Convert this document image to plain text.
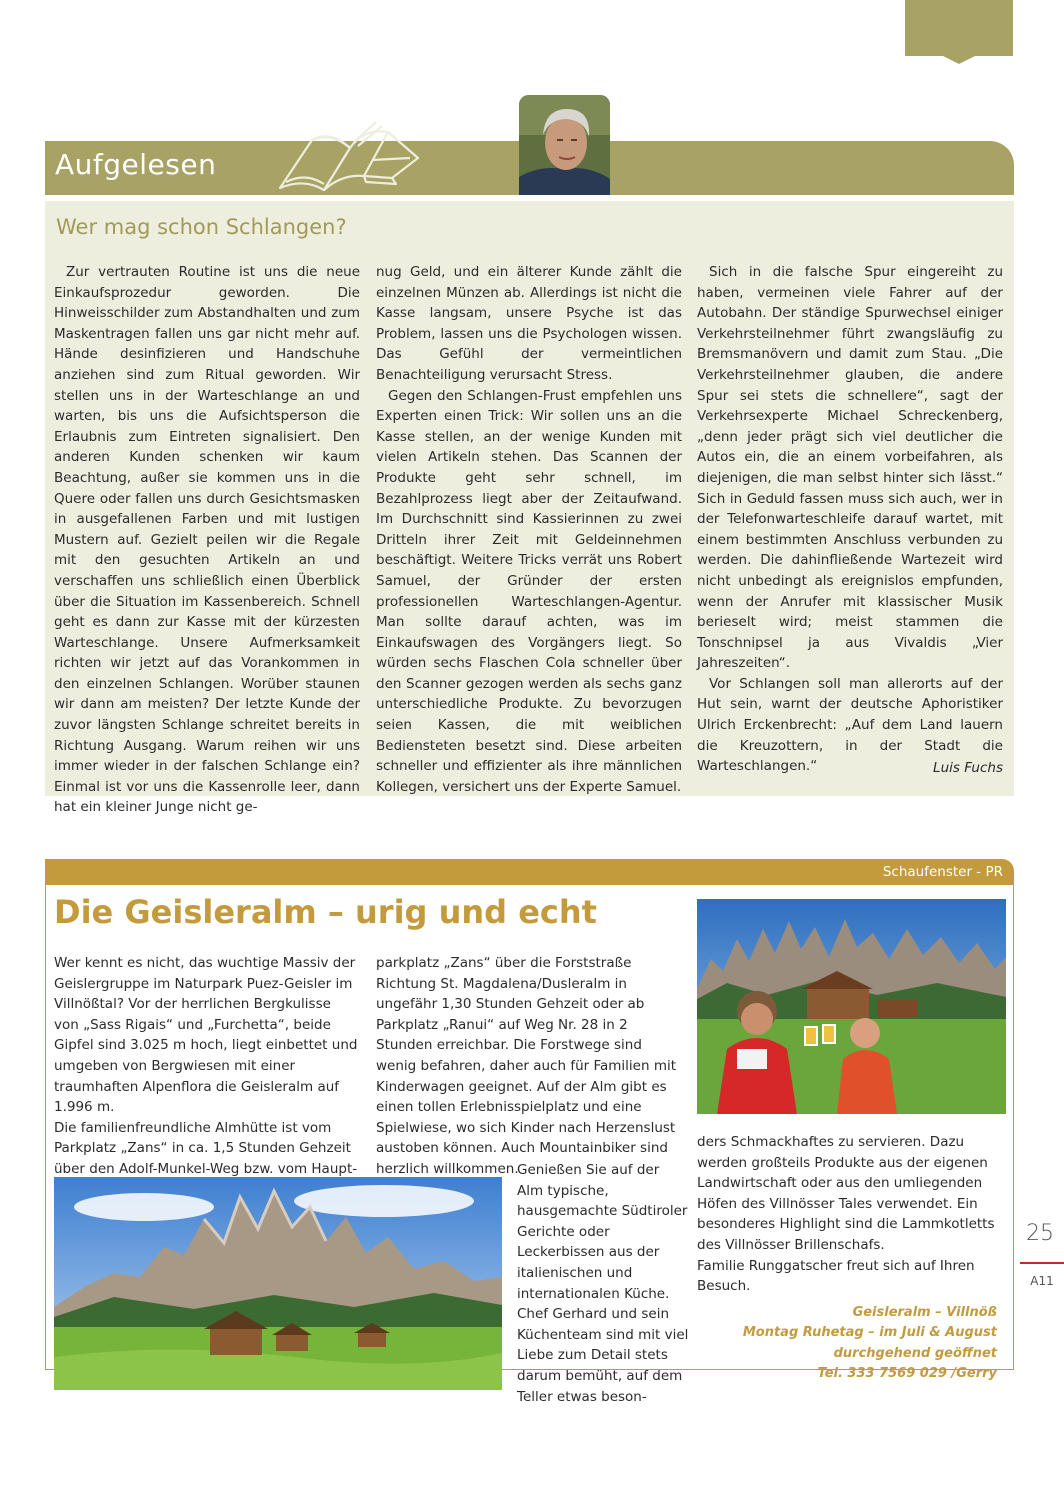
Aufgelesen
Wer mag schon Schlangen?

Zur vertrauten Routine ist uns die neue Einkaufsprozedur geworden. Die Hinweisschilder zum Abstandhalten und zum Maskentragen fallen uns gar nicht mehr auf. Hände desinfizieren und Handschuhe anziehen sind zum Ritual geworden. Wir stellen uns in der Warteschlange an und warten, bis uns die Aufsichtsperson die Erlaubnis zum Eintreten signalisiert. Den anderen Kunden schenken wir kaum Beachtung, außer sie kommen uns in die Quere oder fallen uns durch Gesichtsmasken in ausgefallenen Farben und mit lustigen Mustern auf. Gezielt peilen wir die Regale mit den gesuchten Artikeln an und verschaffen uns schließlich einen Überblick über die Situation im Kassenbereich. Schnell geht es dann zur Kasse mit der kürzesten Warteschlange. Unsere Aufmerksamkeit richten wir jetzt auf das Vorankommen in den einzelnen Schlangen. Worüber staunen wir dann am meisten? Der letzte Kunde der zuvor längsten Schlange schreitet bereits in Richtung Ausgang. Warum reihen wir uns immer wieder in der falschen Schlange ein? Einmal ist vor uns die Kassenrolle leer, dann hat ein kleiner Junge nicht ge-

nug Geld, und ein älterer Kunde zählt die einzelnen Münzen ab. Allerdings ist nicht die Kasse langsam, unsere Psyche ist das Problem, lassen uns die Psychologen wissen. Das Gefühl der vermeintlichen Benachteiligung verursacht Stress.

Gegen den Schlangen-Frust empfehlen uns Experten einen Trick: Wir sollen uns an die Kasse stellen, an der wenige Kunden mit vielen Artikeln stehen. Das Scannen der Produkte geht sehr schnell, im Bezahlprozess liegt aber der Zeitaufwand. Im Durchschnitt sind Kassierinnen zu zwei Dritteln ihrer Zeit mit Geldeinnehmen beschäftigt. Weitere Tricks verrät uns Robert Samuel, der Gründer der ersten professionellen Warteschlangen-Agentur. Man sollte darauf achten, was im Einkaufswagen des Vorgängers liegt. So würden sechs Flaschen Cola schneller über den Scanner gezogen werden als sechs ganz unterschiedliche Produkte. Zu bevorzugen seien Kassen, die mit weiblichen Bediensteten besetzt sind. Diese arbeiten schneller und effizienter als ihre männlichen Kollegen, versichert uns der Experte Samuel.

Sich in die falsche Spur eingereiht zu haben, vermeinen viele Fahrer auf der Autobahn. Der ständige Spurwechsel einiger Verkehrsteilnehmer führt zwangsläufig zu Bremsmanövern und damit zum Stau. „Die Verkehrsteilnehmer glauben, die andere Spur sei stets die schnellere“, sagt der Verkehrsexperte Michael Schreckenberg, „denn jeder prägt sich viel deutlicher die Autos ein, die an einem vorbeifahren, als diejenigen, die man selbst hinter sich lässt.“ Sich in Geduld fassen muss sich auch, wer in der Telefonwarteschleife darauf wartet, mit einem bestimmten Anschluss verbunden zu werden. Die dahinfließende Wartezeit wird nicht unbedingt als ereignislos empfunden, wenn der Anrufer mit klassischer Musik berieselt wird; meist stammen die Tonschnipsel ja aus Vivaldis „Vier Jahreszeiten“.

Vor Schlangen soll man allerorts auf der Hut sein, warnt der deutsche Aphoristiker Ulrich Erckenbrecht: „Auf dem Land lauern die Kreuzottern, in der Stadt die Warteschlangen.“	Luis Fuchs
Schaufenster - PR
Die Geisleralm – urig und echt

Wer kennt es nicht, das wuchtige Massiv der Geislergruppe im Naturpark Puez-Geisler im Villnößtal? Vor der herrlichen Bergkulisse von „Sass Rigais“ und „Furchetta“, beide Gipfel sind 3.025 m hoch, liegt einbettet und umgeben von Bergwiesen mit einer traumhaften Alpenflora die Geisleralm auf 1.996 m.

Die familienfreundliche Almhütte ist vom Parkplatz „Zans“ in ca. 1,5 Stunden Gehzeit über den Adolf-Munkel-Weg bzw. vom Haupt-

parkplatz „Zans“ über die Forststraße Richtung St. Magdalena/Dusleralm in ungefähr 1,30 Stunden Gehzeit oder ab Parkplatz „Ranui“ auf Weg Nr. 28 in 2 Stunden erreichbar. Die Forstwege sind wenig befahren, daher auch für Familien mit Kinderwagen geeignet. Auf der Alm gibt es einen tollen Erlebnisspielplatz und eine Spielwiese, wo sich Kinder nach Herzenslust austoben können. Auch Mountainbiker sind herzlich willkommen.

Genießen Sie auf der Alm typische, hausgemachte Südtiroler Gerichte oder Leckerbissen aus der italienischen und internationalen Küche. Chef Gerhard und sein Küchenteam sind mit viel Liebe zum Detail stets darum bemüht, auf dem Teller etwas beson-

ders Schmackhaftes zu servieren. Dazu werden großteils Produkte aus der eigenen Landwirtschaft oder aus den umliegenden Höfen des Villnösser Tales verwendet. Ein besonderes Highlight sind die Lammkotletts des Villnösser Brillenschafs.

Familie Runggatscher freut sich auf Ihren Besuch.

Geisleralm – Villnöß
Montag Ruhetag – im Juli & August
durchgehend geöffnet
Tel. 333 7569 029 /Gerry
25
A11
